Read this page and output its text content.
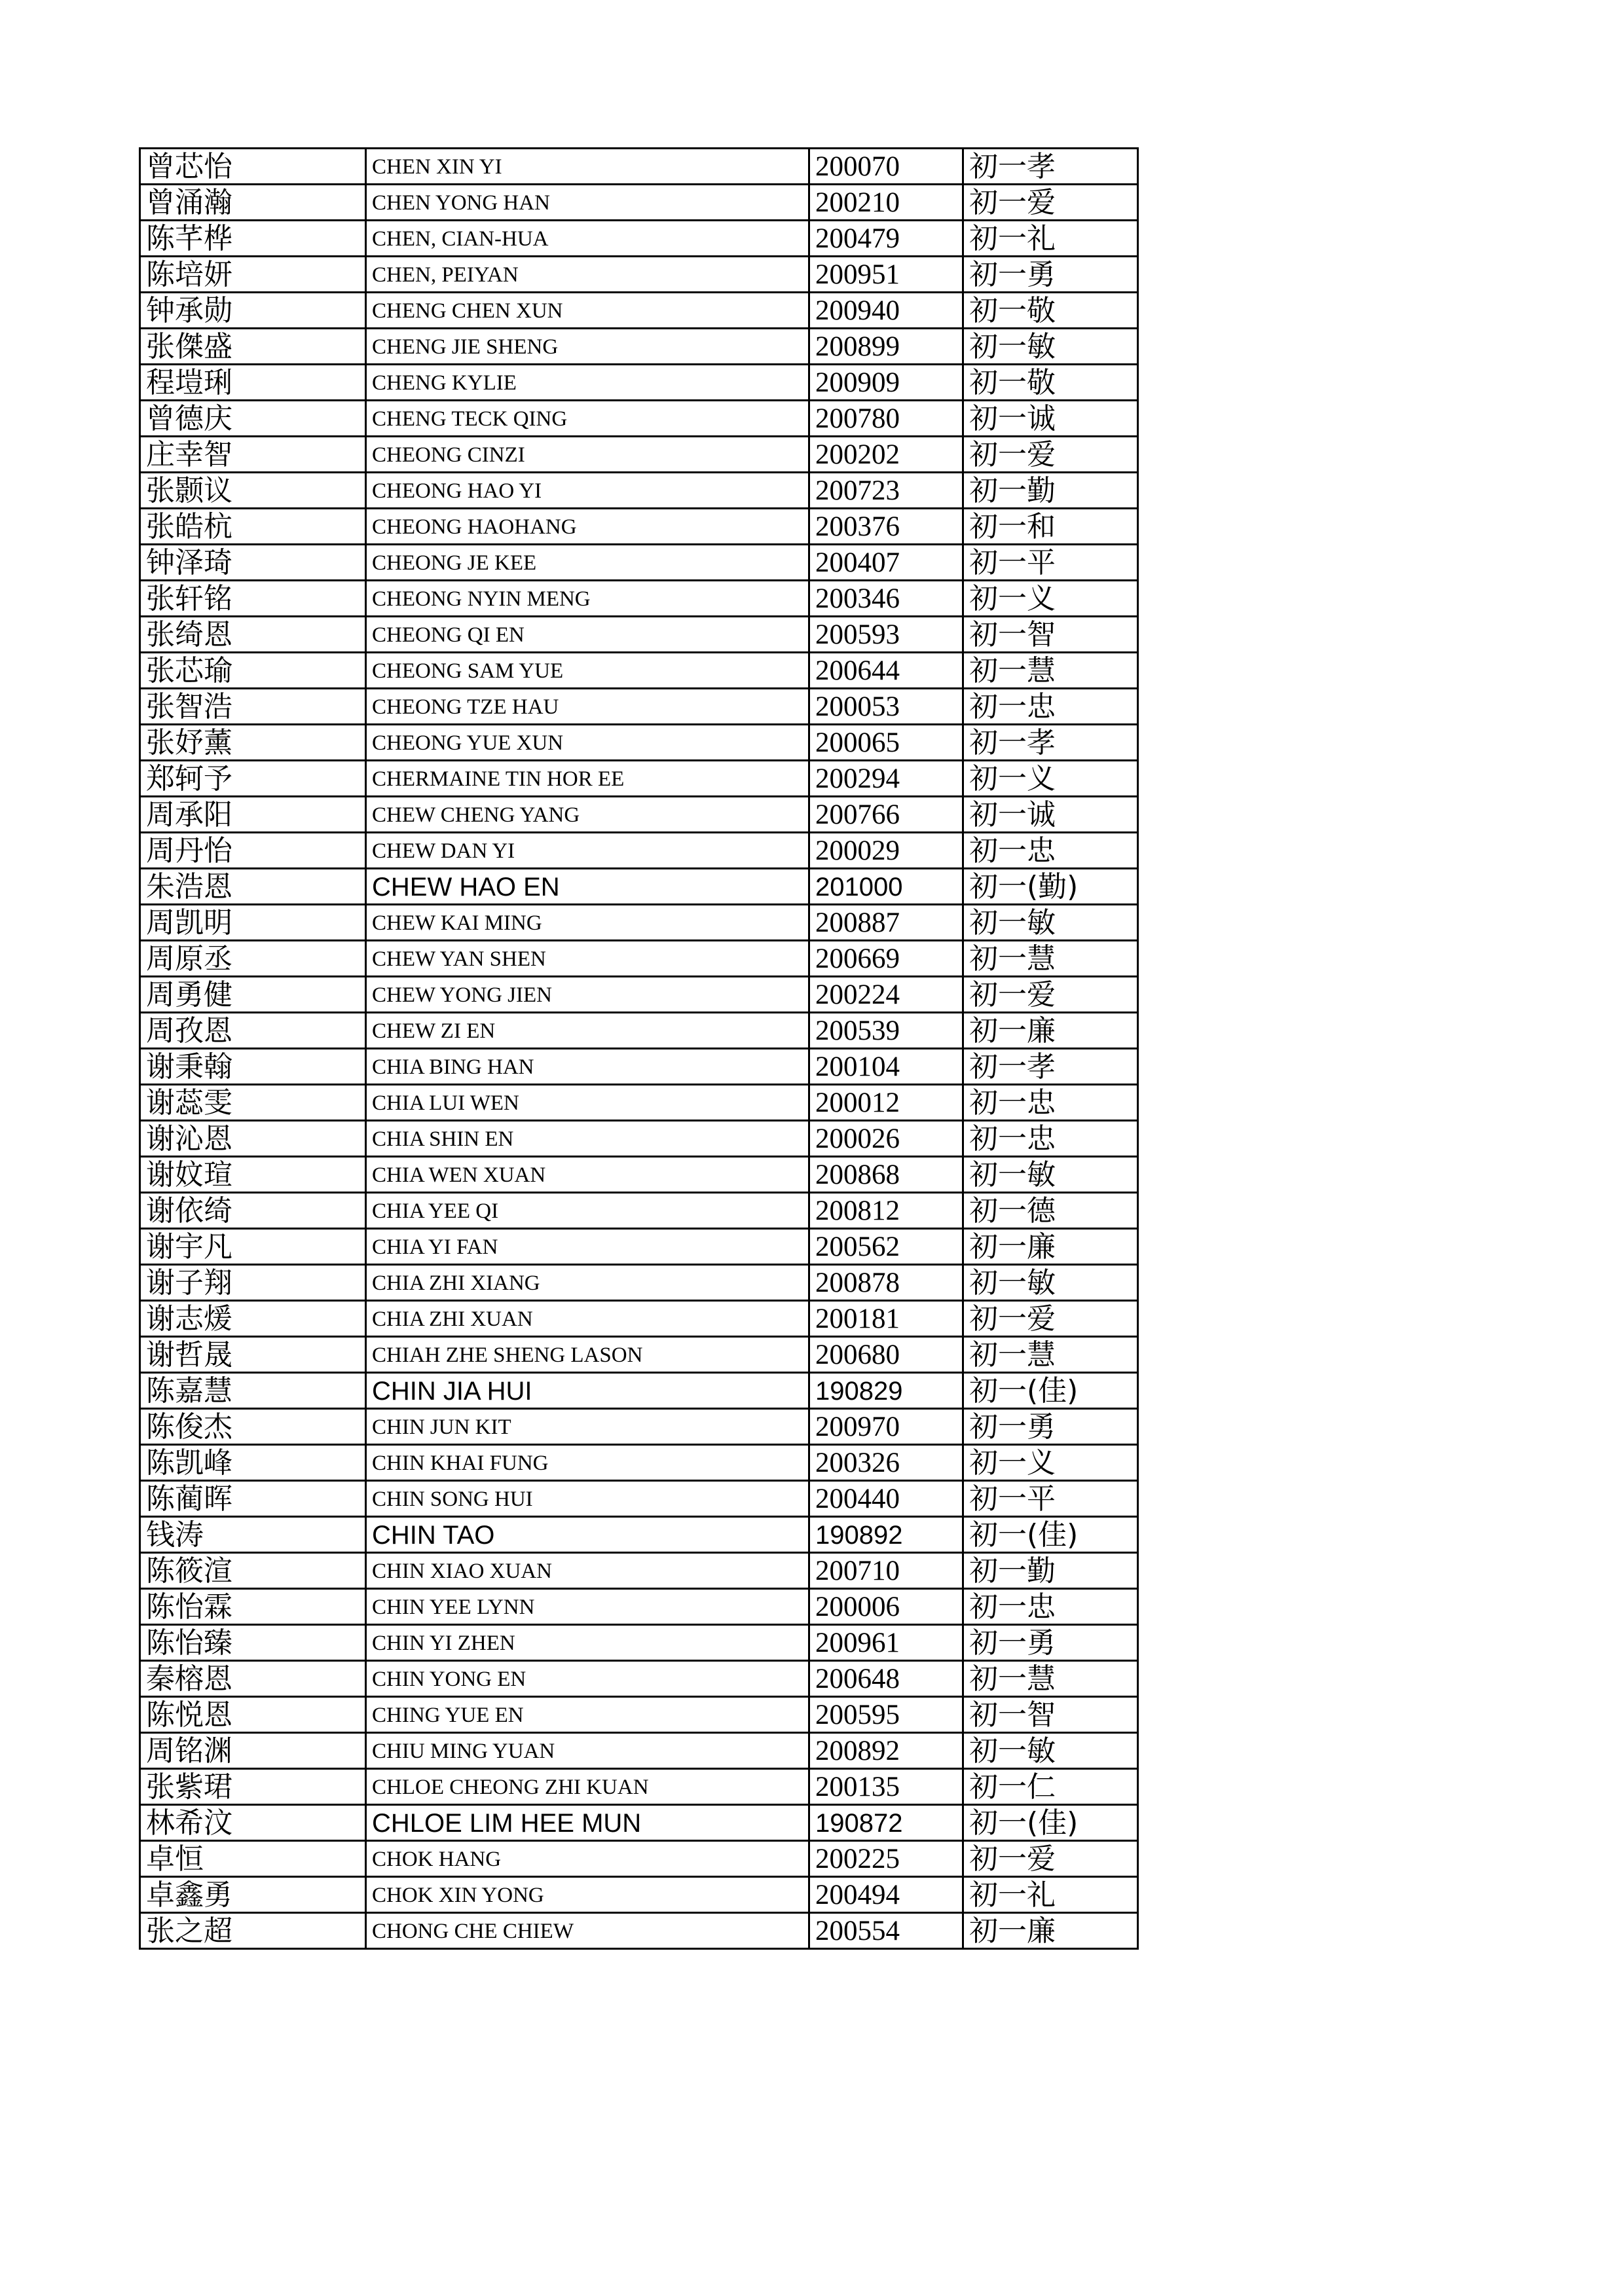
曾芯怡	CHEN XIN YI	200070	初一孝
曾涌瀚	CHEN YONG HAN	200210	初一爱
陈芊桦	CHEN, CIAN-HUA	200479	初一礼
陈培妍	CHEN, PEIYAN	200951	初一勇
钟承勋	CHENG CHEN XUN	200940	初一敬
张傑盛	CHENG JIE SHENG	200899	初一敏
程塏琍	CHENG KYLIE	200909	初一敬
曾德庆	CHENG TECK QING	200780	初一诚
庄幸智	CHEONG CINZI	200202	初一爱
张颢议	CHEONG HAO YI	200723	初一勤
张皓杭	CHEONG HAOHANG	200376	初一和
钟泽琦	CHEONG JE KEE	200407	初一平
张轩铭	CHEONG NYIN MENG	200346	初一义
张绮恩	CHEONG QI EN	200593	初一智
张芯瑜	CHEONG SAM YUE	200644	初一慧
张智浩	CHEONG TZE HAU	200053	初一忠
张妤薰	CHEONG YUE XUN	200065	初一孝
郑轲予	CHERMAINE TIN HOR EE	200294	初一义
周承阳	CHEW CHENG YANG	200766	初一诚
周丹怡	CHEW DAN YI	200029	初一忠
朱浩恩	CHEW HAO EN	201000	初一(勤)
周凯明	CHEW KAI MING	200887	初一敏
周原丞	CHEW YAN SHEN	200669	初一慧
周勇健	CHEW YONG JIEN	200224	初一爱
周孜恩	CHEW ZI EN	200539	初一廉
谢秉翰	CHIA BING HAN	200104	初一孝
谢蕊雯	CHIA LUI WEN	200012	初一忠
谢沁恩	CHIA SHIN EN	200026	初一忠
谢妏瑄	CHIA WEN XUAN	200868	初一敏
谢依绮	CHIA YEE QI	200812	初一德
谢宇凡	CHIA YI FAN	200562	初一廉
谢子翔	CHIA ZHI XIANG	200878	初一敏
谢志煖	CHIA ZHI XUAN	200181	初一爱
谢哲晟	CHIAH ZHE SHENG LASON	200680	初一慧
陈嘉慧	CHIN JIA HUI	190829	初一(佳)
陈俊杰	CHIN JUN KIT	200970	初一勇
陈凯峰	CHIN KHAI FUNG	200326	初一义
陈蔺晖	CHIN SONG HUI	200440	初一平
钱涛	CHIN TAO	190892	初一(佳)
陈筱渲	CHIN XIAO XUAN	200710	初一勤
陈怡霖	CHIN YEE LYNN	200006	初一忠
陈怡臻	CHIN YI ZHEN	200961	初一勇
秦榕恩	CHIN YONG EN	200648	初一慧
陈悦恩	CHING YUE EN	200595	初一智
周铭渊	CHIU MING YUAN	200892	初一敏
张紫珺	CHLOE CHEONG ZHI KUAN	200135	初一仁
林希汶	CHLOE LIM HEE MUN	190872	初一(佳)
卓恒	CHOK HANG	200225	初一爱
卓鑫勇	CHOK XIN YONG	200494	初一礼
张之超	CHONG CHE CHIEW	200554	初一廉
